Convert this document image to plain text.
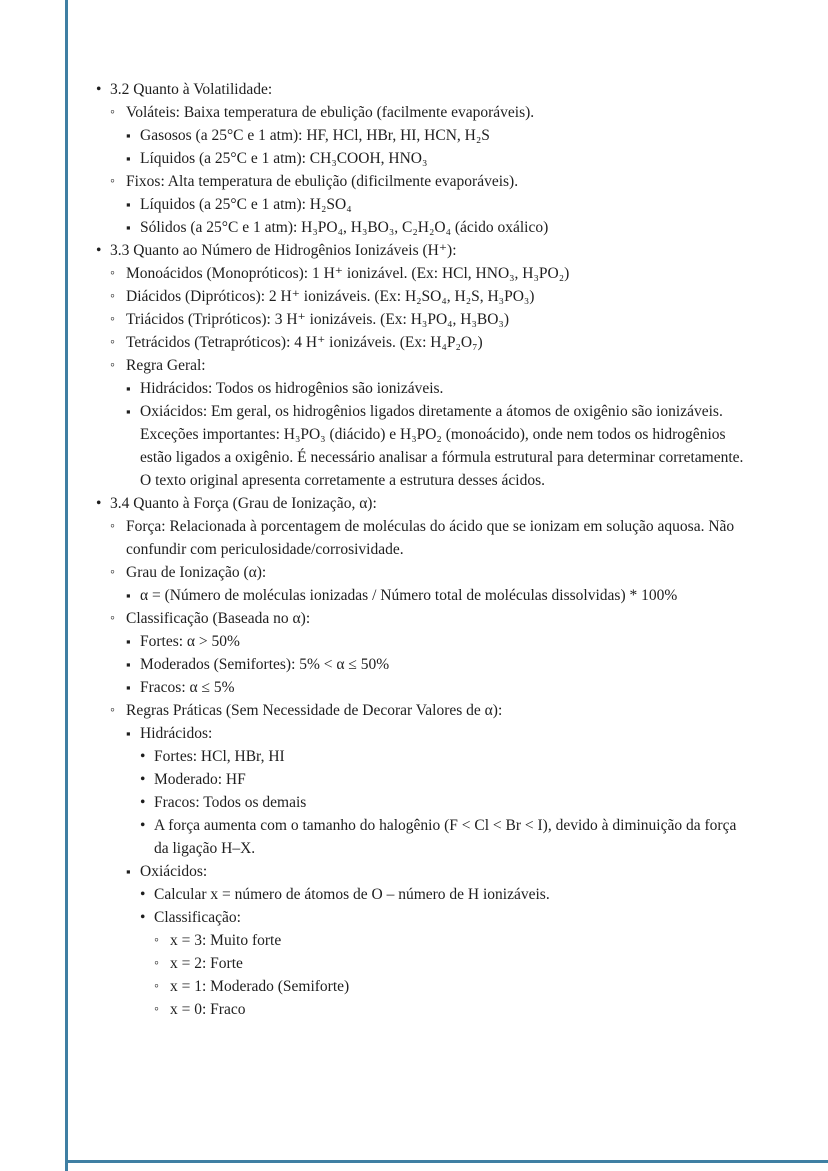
• 3.2 Quanto à Volatilidade:
◦ Voláteis: Baixa temperatura de ebulição (facilmente evaporáveis).
▪ Gasosos (a 25°C e 1 atm): HF, HCl, HBr, HI, HCN, H₂S
▪ Líquidos (a 25°C e 1 atm): CH₃COOH, HNO₃
◦ Fixos: Alta temperatura de ebulição (dificilmente evaporáveis).
▪ Líquidos (a 25°C e 1 atm): H₂SO₄
▪ Sólidos (a 25°C e 1 atm): H₃PO₄, H₃BO₃, C₂H₂O₄ (ácido oxálico)
• 3.3 Quanto ao Número de Hidrogênios Ionizáveis (H⁺):
◦ Monoácidos (Monopróticos): 1 H⁺ ionizável. (Ex: HCl, HNO₃, H₃PO₂)
◦ Diácidos (Dipróticos): 2 H⁺ ionizáveis. (Ex: H₂SO₄, H₂S, H₃PO₃)
◦ Triácidos (Tripróticos): 3 H⁺ ionizáveis. (Ex: H₃PO₄, H₃BO₃)
◦ Tetrácidos (Tetrapróticos): 4 H⁺ ionizáveis. (Ex: H₄P₂O₇)
◦ Regra Geral:
▪ Hidrácidos: Todos os hidrogênios são ionizáveis.
▪ Oxiácidos: Em geral, os hidrogênios ligados diretamente a átomos de oxigênio são ionizáveis. Exceções importantes: H₃PO₃ (diácido) e H₃PO₂ (monoácido), onde nem todos os hidrogênios estão ligados a oxigênio. É necessário analisar a fórmula estrutural para determinar corretamente. O texto original apresenta corretamente a estrutura desses ácidos.
• 3.4 Quanto à Força (Grau de Ionização, α):
◦ Força: Relacionada à porcentagem de moléculas do ácido que se ionizam em solução aquosa. Não confundir com periculosidade/corrosividade.
◦ Grau de Ionização (α):
▪ α = (Número de moléculas ionizadas / Número total de moléculas dissolvidas) * 100%
◦ Classificação (Baseada no α):
▪ Fortes: α > 50%
▪ Moderados (Semifortes): 5% < α ≤ 50%
▪ Fracos: α ≤ 5%
◦ Regras Práticas (Sem Necessidade de Decorar Valores de α):
▪ Hidrácidos:
• Fortes: HCl, HBr, HI
• Moderado: HF
• Fracos: Todos os demais
• A força aumenta com o tamanho do halogênio (F < Cl < Br < I), devido à diminuição da força da ligação H–X.
▪ Oxiácidos:
• Calcular x = número de átomos de O – número de H ionizáveis.
• Classificação:
◦ x = 3: Muito forte
◦ x = 2: Forte
◦ x = 1: Moderado (Semiforte)
◦ x = 0: Fraco
